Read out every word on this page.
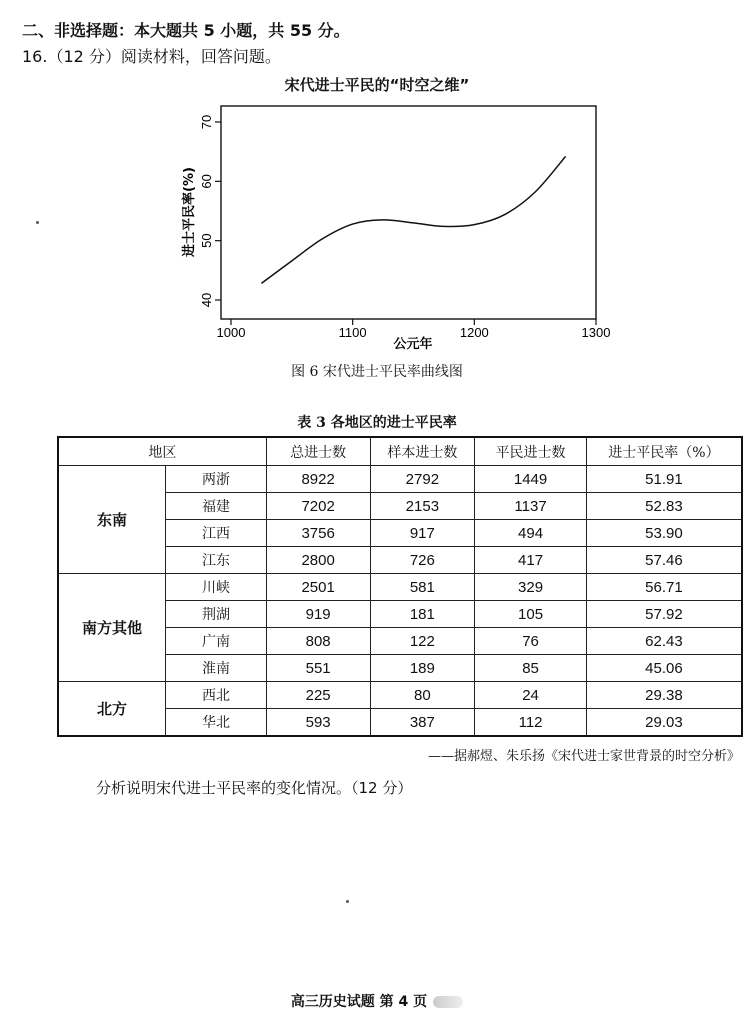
二、非选择题：本大题共 5 小题，共 55 分。
16.（12 分）阅读材料，回答问题。
宋代进士平民的“时空之维”
40
50
60
70
1000	1100	1200	1300
进士平民率(%)
公元年
图 6 宋代进士平民率曲线图
表 3 各地区的进士平民率
地区		总进士数	样本进士数	平民进士数	进士平民率（%）
东南	两浙	8922	2792	1449	51.91
	福建	7202	2153	1137	52.83
	江西	3756	917	494	53.90
	江东	2800	726	417	57.46
南方其他	川峡	2501	581	329	56.71
	荆湖	919	181	105	57.92
	广南	808	122	76	62.43
	淮南	551	189	85	45.06
北方	西北	225	80	24	29.38
	华北	593	387	112	29.03
——据郝煜、朱乐扬《宋代进士家世背景的时空分析》
分析说明宋代进士平民率的变化情况。（12 分）
高三历史试题 第 4 页
